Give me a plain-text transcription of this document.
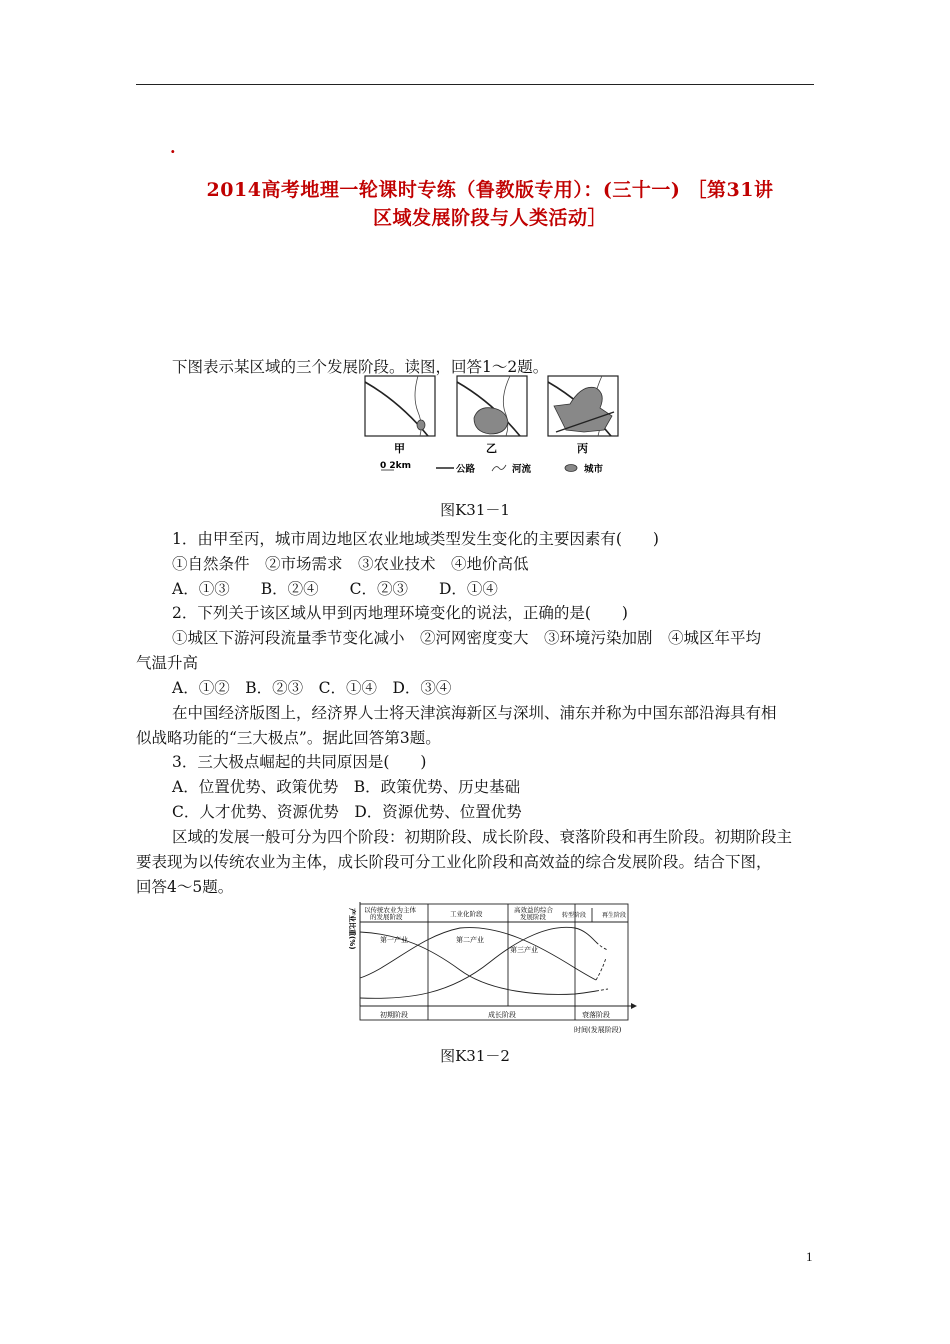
.
2014高考地理一轮课时专练（鲁教版专用）：(三十一) ［第31讲
区域发展阶段与人类活动］
下图表示某区域的三个发展阶段。读图，回答1～2题。
甲	乙	丙
0 2km	公路	河流	城市
图K31－1
1．由甲至丙，城市周边地区农业地域类型发生变化的主要因素有(　　)
①自然条件　②市场需求　③农业技术　④地价高低
A．①③　　B．②④　　C．②③　　D．①④
2．下列关于该区域从甲到丙地理环境变化的说法，正确的是(　　)
①城区下游河段流量季节变化减小　②河网密度变大　③环境污染加剧　④城区年平均
气温升高
A．①②　B．②③　C．①④　D．③④
在中国经济版图上，经济界人士将天津滨海新区与深圳、浦东并称为中国东部沿海具有相
似战略功能的“三大极点”。据此回答第3题。
3．三大极点崛起的共同原因是(　　)
A．位置优势、政策优势　B．政策优势、历史基础
C．人才优势、资源优势　D．资源优势、位置优势
区域的发展一般可分为四个阶段：初期阶段、成长阶段、衰落阶段和再生阶段。初期阶段主
要表现为以传统农业为主体，成长阶段可分工业化阶段和高效益的综合发展阶段。结合下图，
回答4～5题。
产业比重(%) 以传统农业为主体
的发展阶段	工业化阶段	高效益的综合
发展阶段	转型阶段	再生阶段
第一产业	第二产业
第三产业
初期阶段	成长阶段	衰落阶段
时间(发展阶段)
图K31－2
1
